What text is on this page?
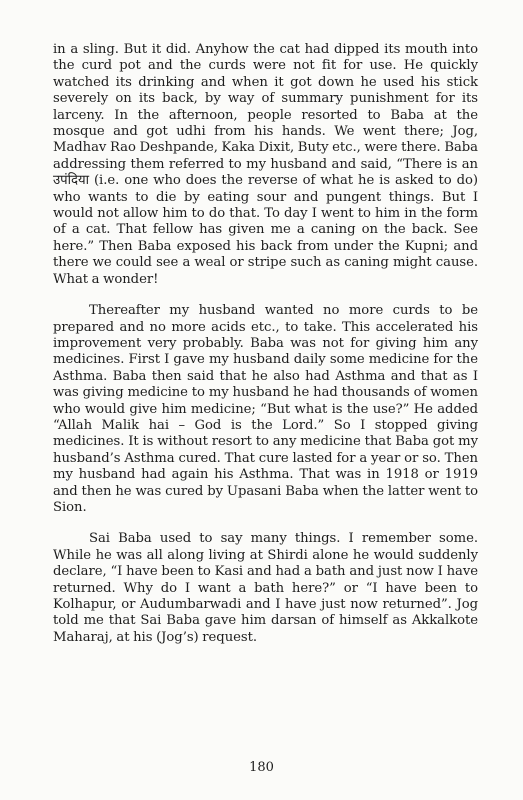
in a sling. But it did. Anyhow the cat had dipped its mouth into the curd pot and the curds were not fit for use. He quickly watched its drinking and when it got down he used his stick severely on its back, by way of summary punishment for its larceny. In the afternoon, people resorted to Baba at the mosque and got udhi from his hands. We went there; Jog, Madhav Rao Deshpande, Kaka Dixit, Buty etc., were there. Baba addressing them referred to my husband and said, “There is an उपंदिया (i.e. one who does the reverse of what he is asked to do) who wants to die by eating sour and pungent things. But I would not allow him to do that. To day I went to him in the form of a cat. That fellow has given me a caning on the back. See here.” Then Baba exposed his back from under the Kupni; and there we could see a weal or stripe such as caning might cause. What a wonder!

Thereafter my husband wanted no more curds to be prepared and no more acids etc., to take. This accelerated his improvement very probably. Baba was not for giving him any medicines. First I gave my husband daily some medicine for the Asthma. Baba then said that he also had Asthma and that as I was giving medicine to my husband he had thousands of women who would give him medicine; “But what is the use?” He added “Allah Malik hai – God is the Lord.” So I stopped giving medicines. It is without resort to any medicine that Baba got my husband’s Asthma cured. That cure lasted for a year or so. Then my husband had again his Asthma. That was in 1918 or 1919 and then he was cured by Upasani Baba when the latter went to Sion.

Sai Baba used to say many things. I remember some. While he was all along living at Shirdi alone he would suddenly declare, “I have been to Kasi and had a bath and just now I have returned. Why do I want a bath here?” or “I have been to Kolhapur, or Audumbarwadi and I have just now returned”. Jog told me that Sai Baba gave him darsan of himself as Akkalkote Maharaj, at his (Jog’s) request.

180
